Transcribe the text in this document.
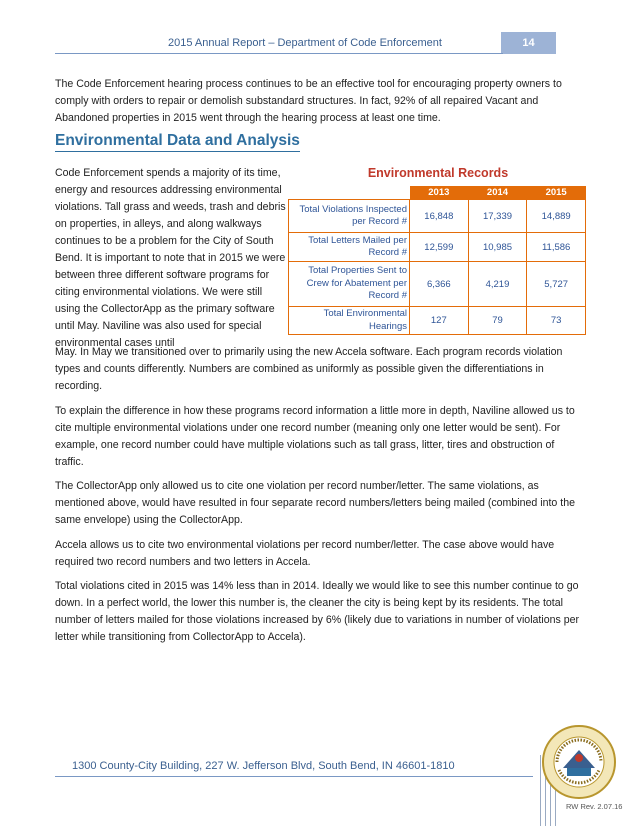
2015 Annual Report – Department of Code Enforcement	14

The Code Enforcement hearing process continues to be an effective tool for encouraging property owners to comply with orders to repair or demolish substandard structures. In fact, 92% of all repaired Vacant and Abandoned properties in 2015 went through the hearing process at least one time.

Environmental Data and Analysis

Code Enforcement spends a majority of its time, energy and resources addressing environmental violations. Tall grass and weeds, trash and debris on properties, in alleys, and along walkways continues to be a problem for the City of South Bend. It is important to note that in 2015 we were between three different software programs for citing environmental violations. We were still using the CollectorApp as the primary software until May. Naviline was also used for special environmental cases until

Environmental Records
	2013	2014	2015
Total Violations Inspected per Record #	16,848	17,339	14,889
Total Letters Mailed per Record #	12,599	10,985	11,586
Total Properties Sent to Crew for Abatement per Record #	6,366	4,219	5,727
Total Environmental Hearings	127	79	73

May. In May we transitioned over to primarily using the new Accela software. Each program records violation types and counts differently. Numbers are combined as uniformly as possible given the differentiations in recording.

To explain the difference in how these programs record information a little more in depth, Naviline allowed us to cite multiple environmental violations under one record number (meaning only one letter would be sent). For example, one record number could have multiple violations such as tall grass, litter, tires and obstruction of traffic.

The CollectorApp only allowed us to cite one violation per record number/letter. The same violations, as mentioned above, would have resulted in four separate record numbers/letters being mailed (combined into the same envelope) using the CollectorApp.

Accela allows us to cite two environmental violations per record number/letter. The case above would have required two record numbers and two letters in Accela.

Total violations cited in 2015 was 14% less than in 2014. Ideally we would like to see this number continue to go down. In a perfect world, the lower this number is, the cleaner the city is being kept by its residents. The total number of letters mailed for those violations increased by 6% (likely due to variations in number of violations per letter while transitioning from CollectorApp to Accela).

1300 County-City Building, 227 W. Jefferson Blvd, South Bend, IN 46601-1810
RW Rev. 2.07.16
